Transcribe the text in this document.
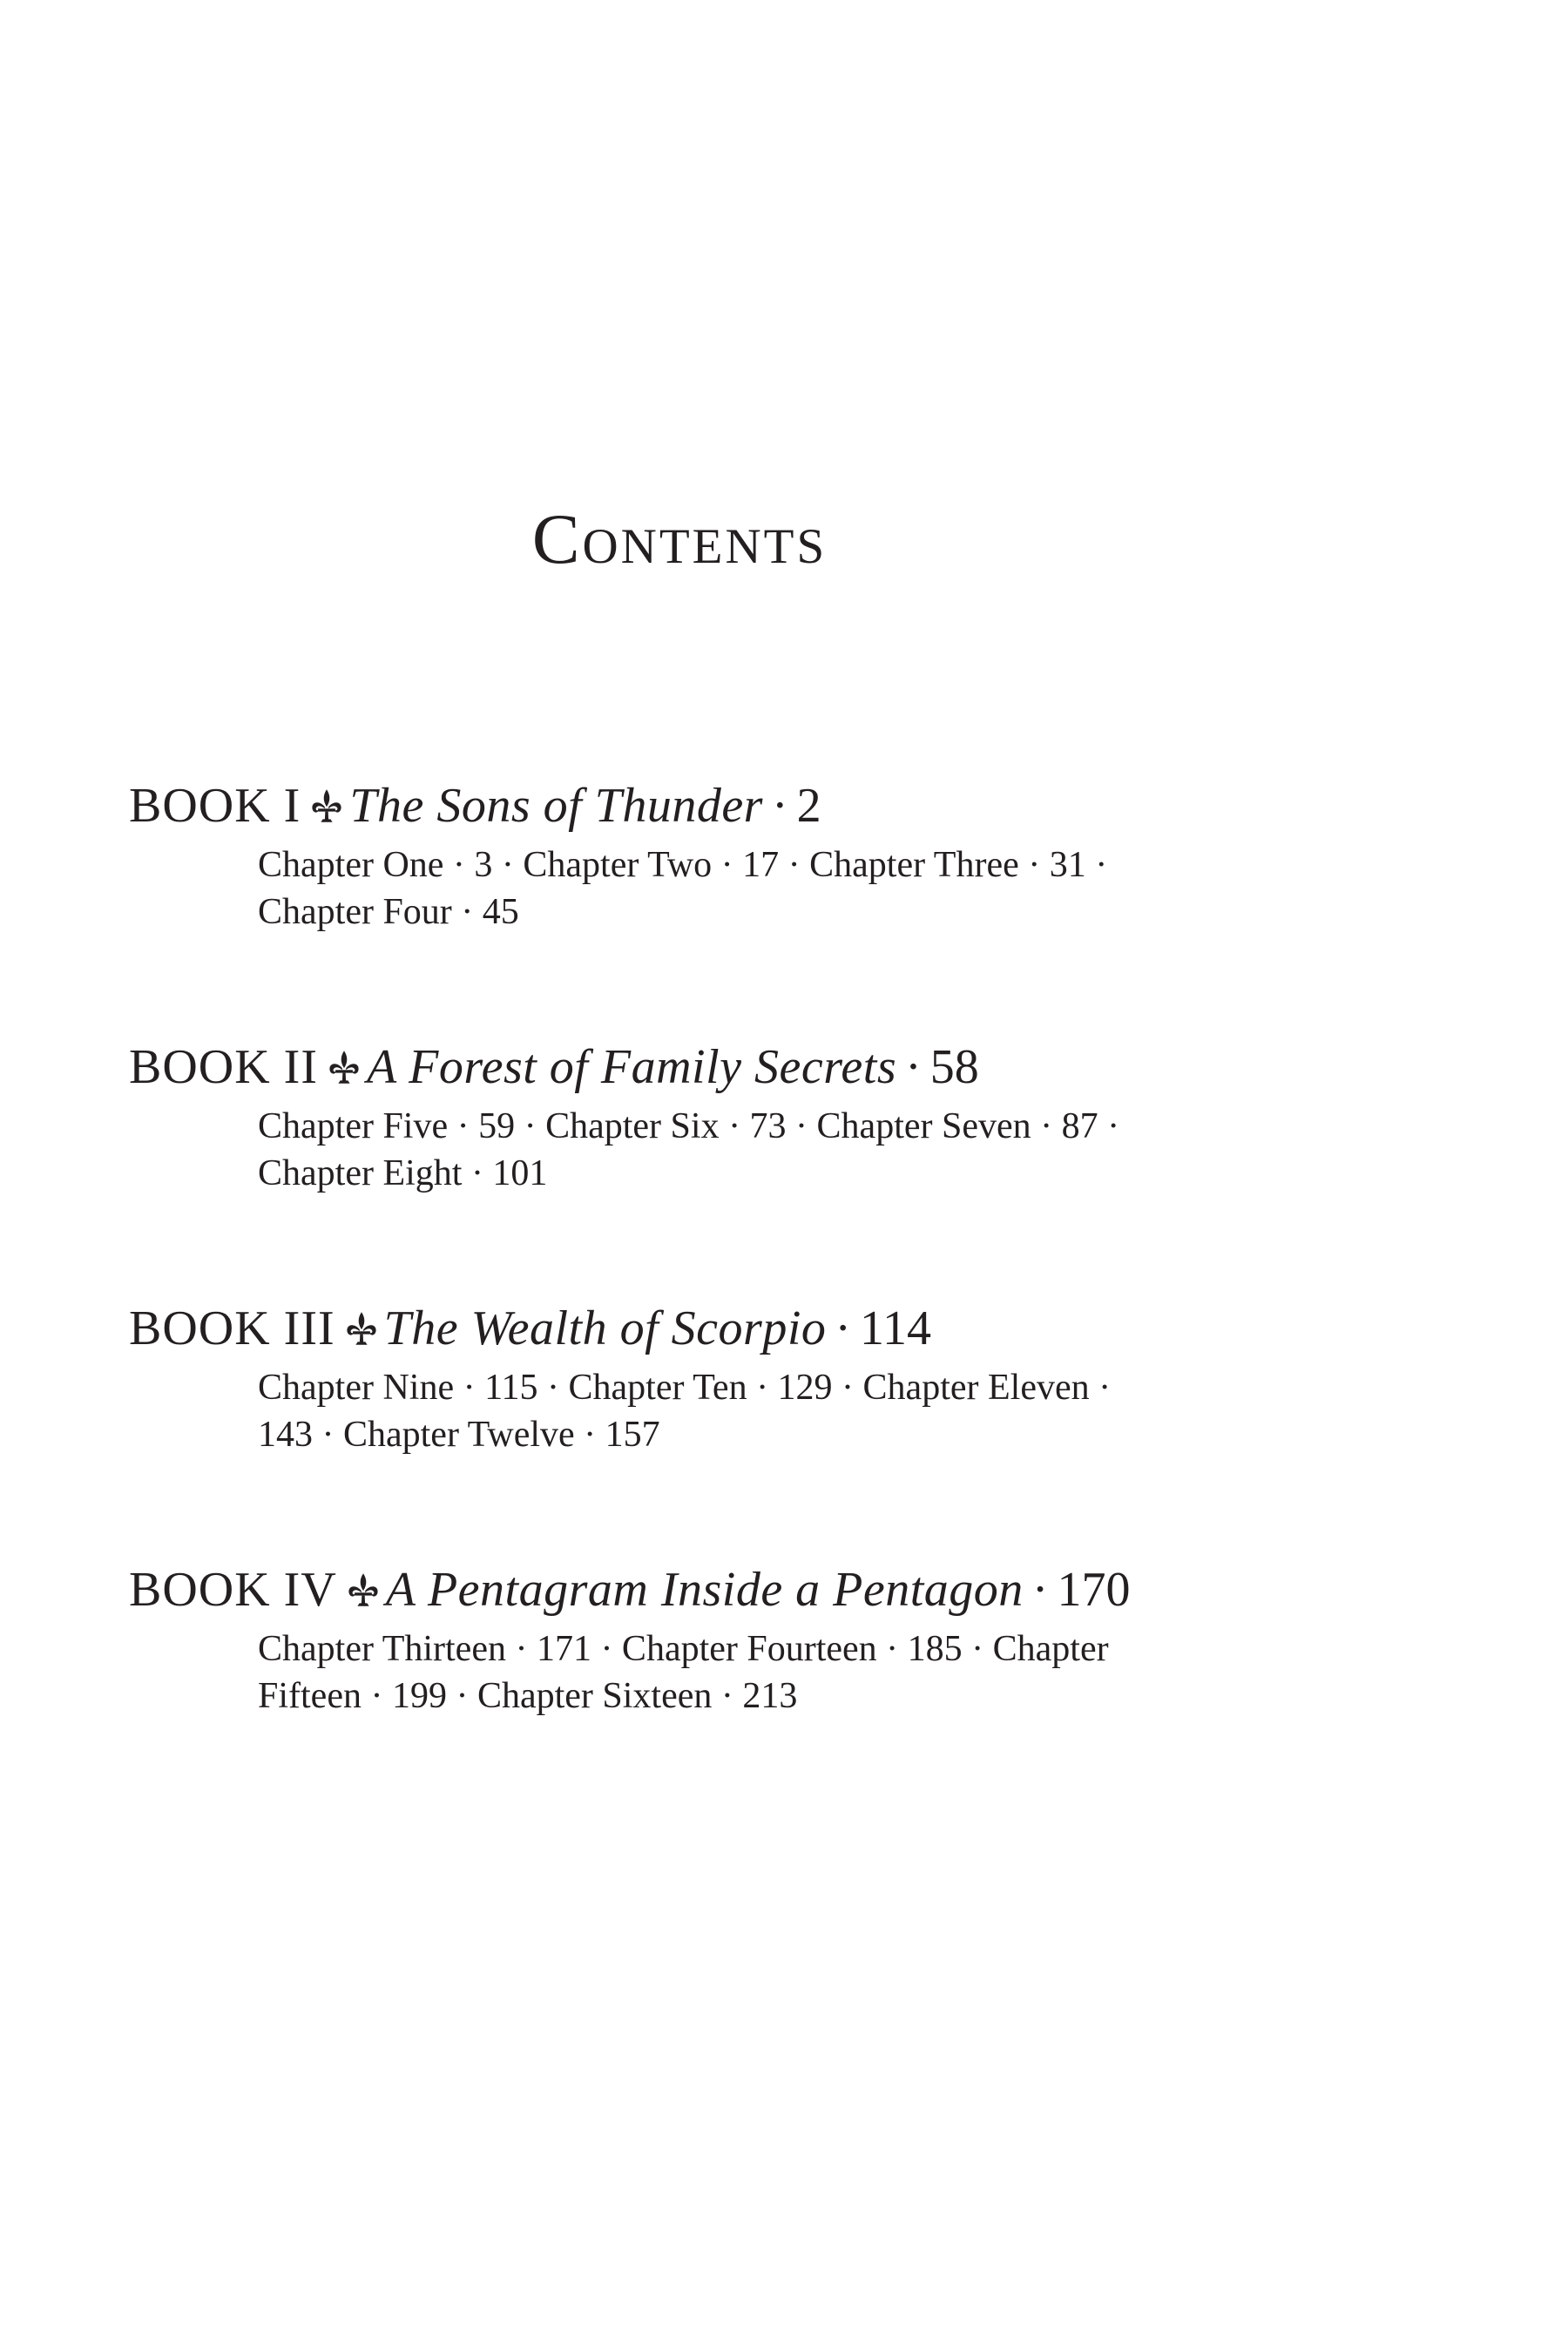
Contents
BOOK I The Sons of Thunder · 2
Chapter One · 3 · Chapter Two · 17 · Chapter Three · 31 ·
Chapter Four · 45
BOOK II A Forest of Family Secrets · 58
Chapter Five · 59 · Chapter Six · 73 · Chapter Seven · 87 ·
Chapter Eight · 101
BOOK III The Wealth of Scorpio · 114
Chapter Nine · 115 · Chapter Ten · 129 · Chapter Eleven ·
143 · Chapter Twelve · 157
BOOK IV A Pentagram Inside a Pentagon · 170
Chapter Thirteen · 171 · Chapter Fourteen · 185 · Chapter
Fifteen · 199 · Chapter Sixteen · 213
